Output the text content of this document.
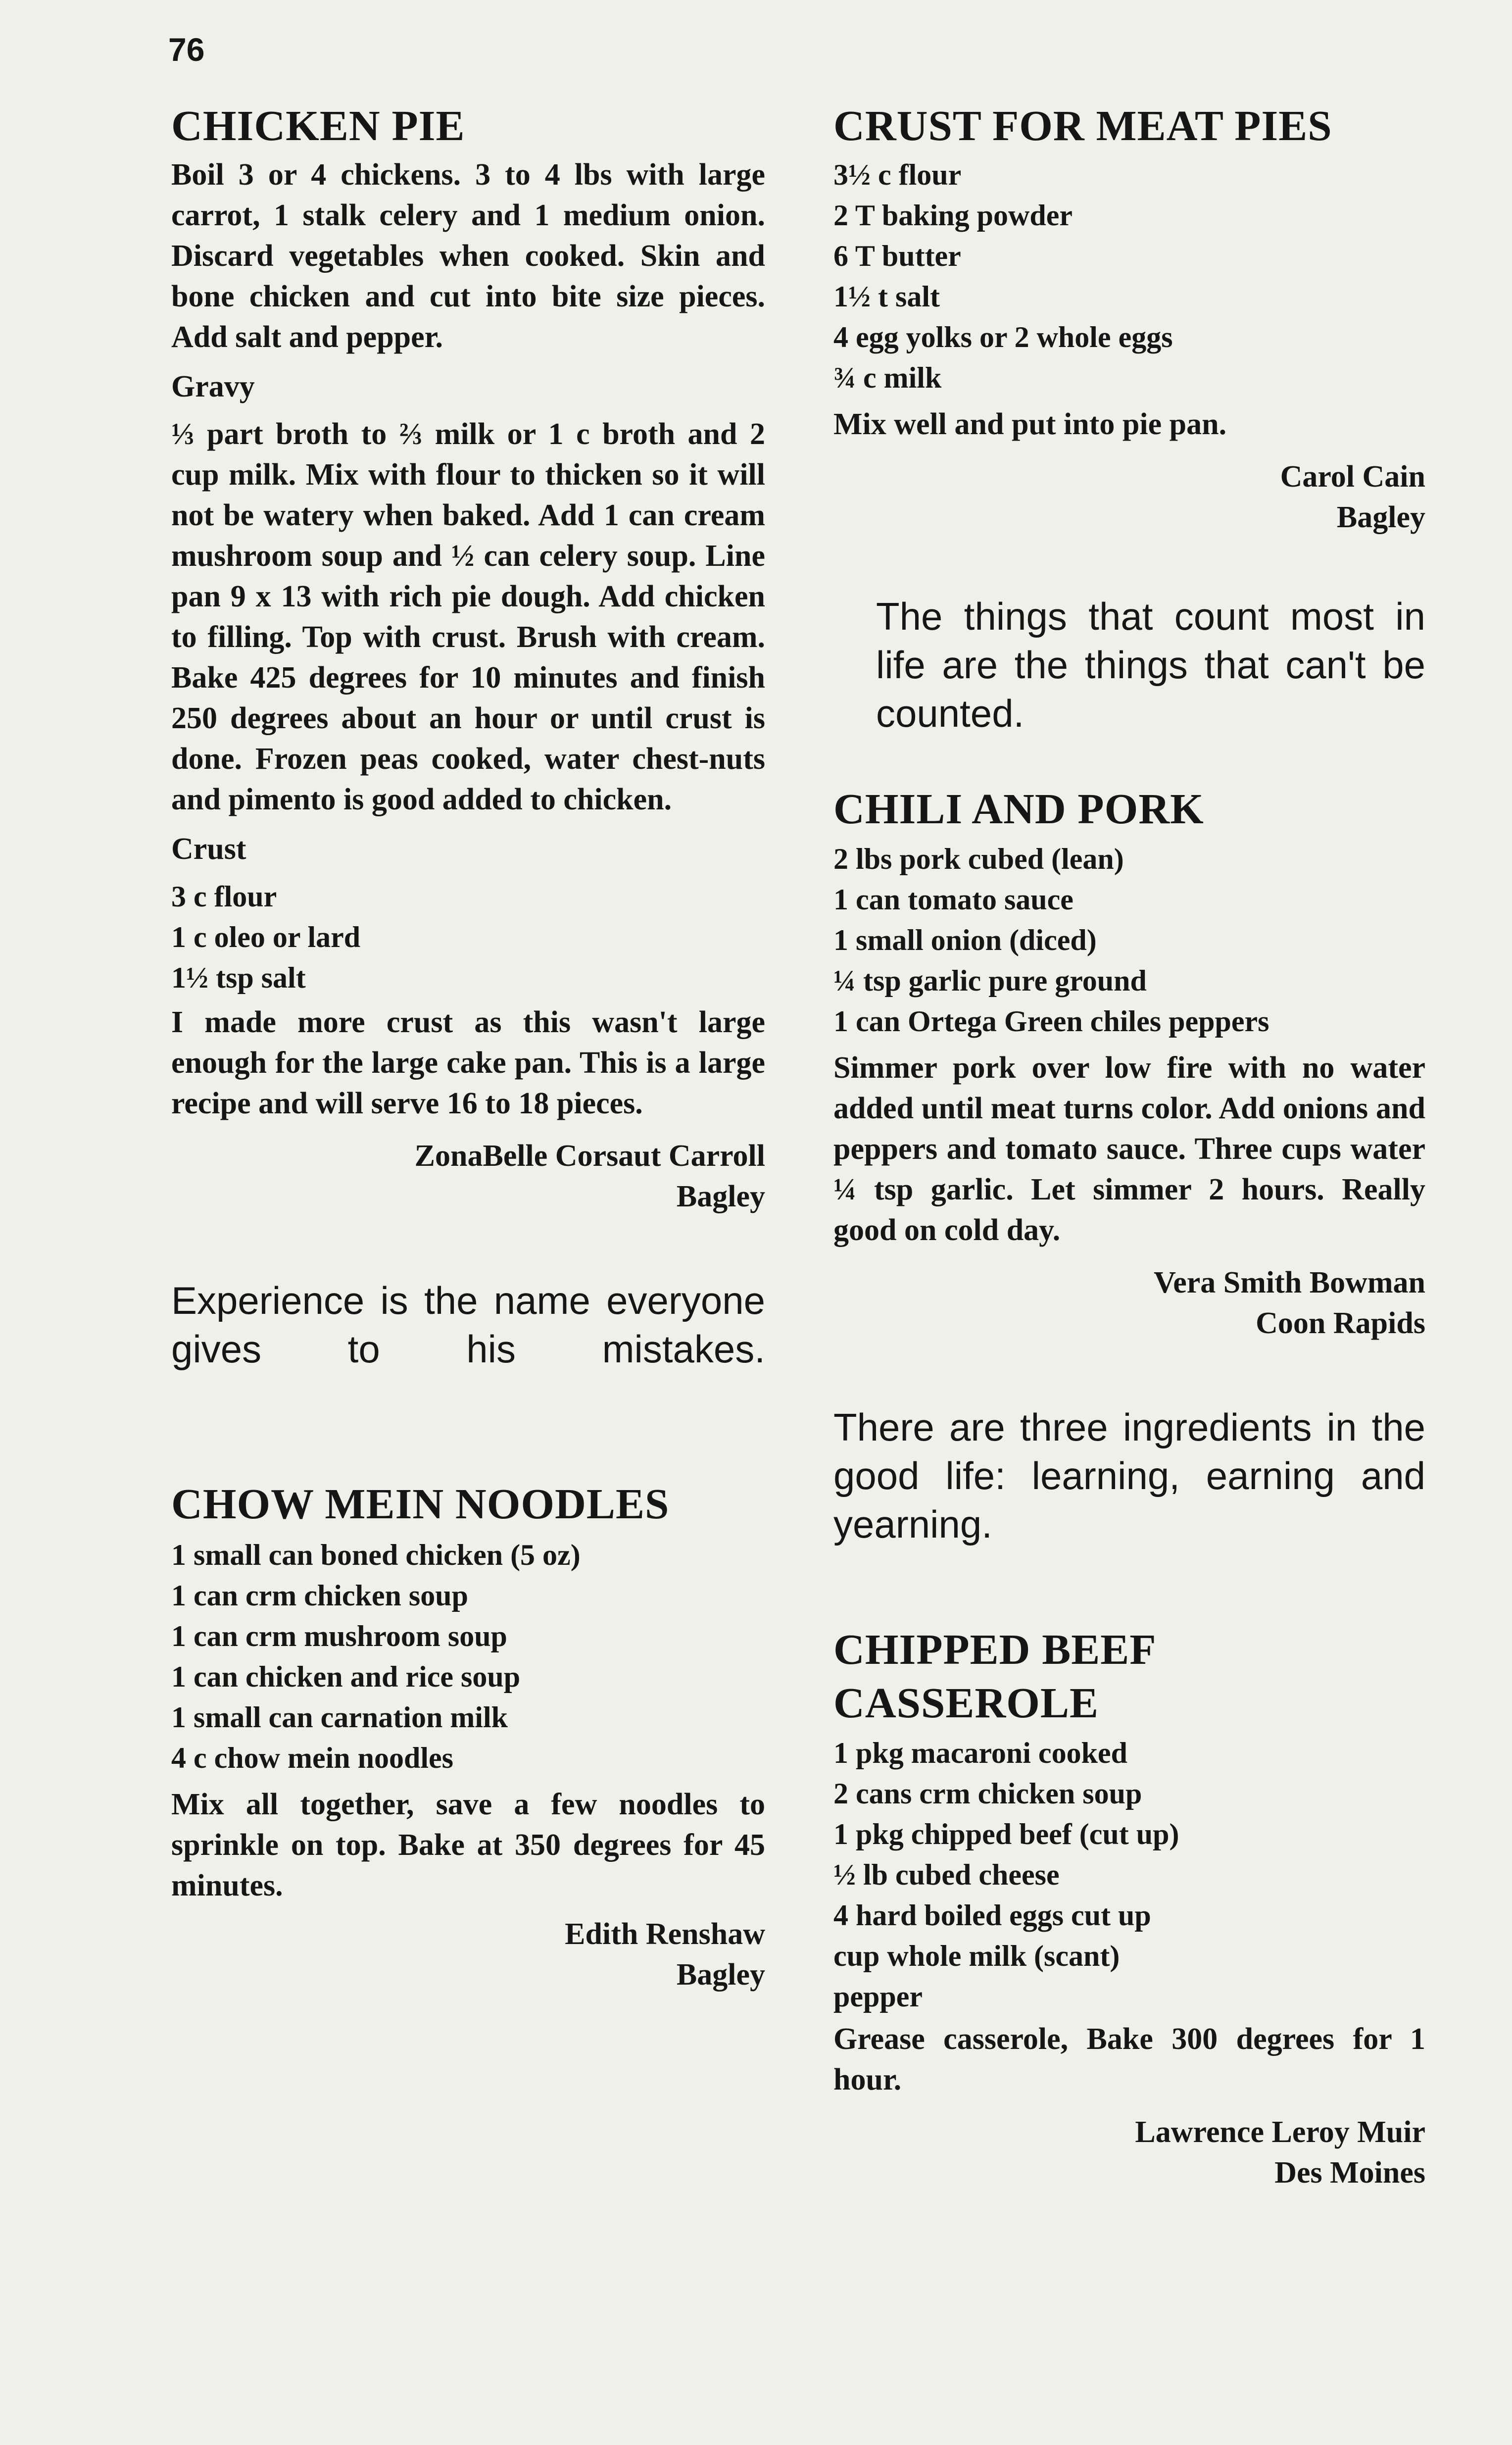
76
CHICKEN PIE

Boil 3 or 4 chickens. 3 to 4 lbs with large carrot, 1 stalk celery and 1 medium onion. Discard vegetables when cooked. Skin and bone chicken and cut into bite size pieces. Add salt and pepper.

Gravy

⅓ part broth to ⅔ milk or 1 c broth and 2 cup milk. Mix with flour to thicken so it will not be watery when baked. Add 1 can cream mushroom soup and ½ can celery soup. Line pan 9 x 13 with rich pie dough. Add chicken to filling. Top with crust. Brush with cream. Bake 425 degrees for 10 minutes and finish 250 degrees about an hour or until crust is done. Frozen peas cooked, water chest-nuts and pimento is good added to chicken.

Crust

3 c flour
1 c oleo or lard
1½ tsp salt

I made more crust as this wasn't large enough for the large cake pan. This is a large recipe and will serve 16 to 18 pieces.

ZonaBelle Corsaut Carroll

Bagley

Experience is the name everyone gives to his mistakes.

CHOW MEIN NOODLES
1 small can boned chicken (5 oz)
1 can crm chicken soup
1 can crm mushroom soup
1 can chicken and rice soup
1 small can carnation milk
4 c chow mein noodles

Mix all together, save a few noodles to sprinkle on top. Bake at 350 degrees for 45 minutes.

Edith Renshaw

Bagley

CRUST FOR MEAT PIES
3½ c flour
2 T baking powder
6 T butter
1½ t salt
4 egg yolks or 2 whole eggs
¾ c milk

Mix well and put into pie pan.

Carol Cain

Bagley

The things that count most in life are the things that can't be counted.

CHILI AND PORK
2 lbs pork cubed (lean)
1 can tomato sauce
1 small onion (diced)
¼ tsp garlic pure ground
1 can Ortega Green chiles peppers

Simmer pork over low fire with no water added until meat turns color. Add onions and peppers and tomato sauce. Three cups water ¼ tsp garlic. Let simmer 2 hours. Really good on cold day.

Vera Smith Bowman

Coon Rapids

There are three ingredients in the good life: learning, earning and yearning.

CHIPPED BEEF
CASSEROLE
1 pkg macaroni cooked
2 cans crm chicken soup
1 pkg chipped beef (cut up)
½ lb cubed cheese
4 hard boiled eggs cut up
cup whole milk (scant)
pepper

Grease casserole, Bake 300 degrees for 1 hour.

Lawrence Leroy Muir

Des Moines
